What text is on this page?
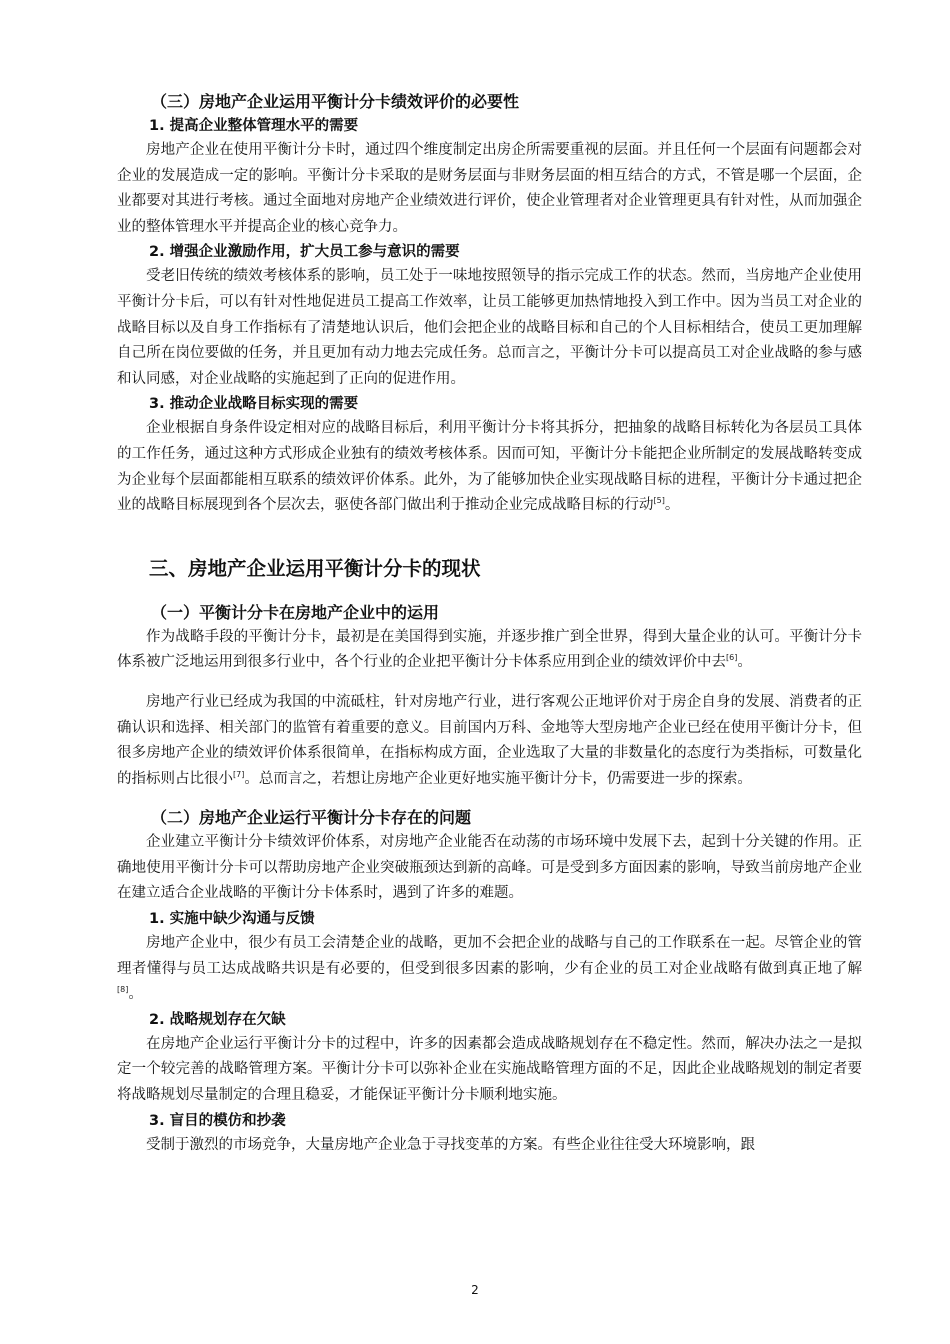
（三）房地产企业运用平衡计分卡绩效评价的必要性

1. 提高企业整体管理水平的需要

房地产企业在使用平衡计分卡时，通过四个维度制定出房企所需要重视的层面。并且任何一个层面有问题都会对企业的发展造成一定的影响。平衡计分卡采取的是财务层面与非财务层面的相互结合的方式，不管是哪一个层面，企业都要对其进行考核。通过全面地对房地产企业绩效进行评价，使企业管理者对企业管理更具有针对性，从而加强企业的整体管理水平并提高企业的核心竞争力。

2. 增强企业激励作用，扩大员工参与意识的需要

受老旧传统的绩效考核体系的影响，员工处于一味地按照领导的指示完成工作的状态。然而，当房地产企业使用平衡计分卡后，可以有针对性地促进员工提高工作效率，让员工能够更加热情地投入到工作中。因为当员工对企业的战略目标以及自身工作指标有了清楚地认识后，他们会把企业的战略目标和自己的个人目标相结合，使员工更加理解自己所在岗位要做的任务，并且更加有动力地去完成任务。总而言之，平衡计分卡可以提高员工对企业战略的参与感和认同感，对企业战略的实施起到了正向的促进作用。

3. 推动企业战略目标实现的需要

企业根据自身条件设定相对应的战略目标后，利用平衡计分卡将其拆分，把抽象的战略目标转化为各层员工具体的工作任务，通过这种方式形成企业独有的绩效考核体系。因而可知，平衡计分卡能把企业所制定的发展战略转变成为企业每个层面都能相互联系的绩效评价体系。此外，为了能够加快企业实现战略目标的进程，平衡计分卡通过把企业的战略目标展现到各个层次去，驱使各部门做出利于推动企业完成战略目标的行动[5]。

三、房地产企业运用平衡计分卡的现状

（一）平衡计分卡在房地产企业中的运用

作为战略手段的平衡计分卡，最初是在美国得到实施，并逐步推广到全世界，得到大量企业的认可。平衡计分卡体系被广泛地运用到很多行业中，各个行业的企业把平衡计分卡体系应用到企业的绩效评价中去[6]。

房地产行业已经成为我国的中流砥柱，针对房地产行业，进行客观公正地评价对于房企自身的发展、消费者的正确认识和选择、相关部门的监管有着重要的意义。目前国内万科、金地等大型房地产企业已经在使用平衡计分卡，但很多房地产企业的绩效评价体系很简单，在指标构成方面，企业选取了大量的非数量化的态度行为类指标，可数量化的指标则占比很小[7]。总而言之，若想让房地产企业更好地实施平衡计分卡，仍需要进一步的探索。

（二）房地产企业运行平衡计分卡存在的问题

企业建立平衡计分卡绩效评价体系，对房地产企业能否在动荡的市场环境中发展下去，起到十分关键的作用。正确地使用平衡计分卡可以帮助房地产企业突破瓶颈达到新的高峰。可是受到多方面因素的影响，导致当前房地产企业在建立适合企业战略的平衡计分卡体系时，遇到了许多的难题。

1. 实施中缺少沟通与反馈

房地产企业中，很少有员工会清楚企业的战略，更加不会把企业的战略与自己的工作联系在一起。尽管企业的管理者懂得与员工达成战略共识是有必要的，但受到很多因素的影响，少有企业的员工对企业战略有做到真正地了解[8]。

2. 战略规划存在欠缺

在房地产企业运行平衡计分卡的过程中，许多的因素都会造成战略规划存在不稳定性。然而，解决办法之一是拟定一个较完善的战略管理方案。平衡计分卡可以弥补企业在实施战略管理方面的不足，因此企业战略规划的制定者要将战略规划尽量制定的合理且稳妥，才能保证平衡计分卡顺利地实施。

3. 盲目的模仿和抄袭

受制于激烈的市场竞争，大量房地产企业急于寻找变革的方案。有些企业往往受大环境影响，跟

2
